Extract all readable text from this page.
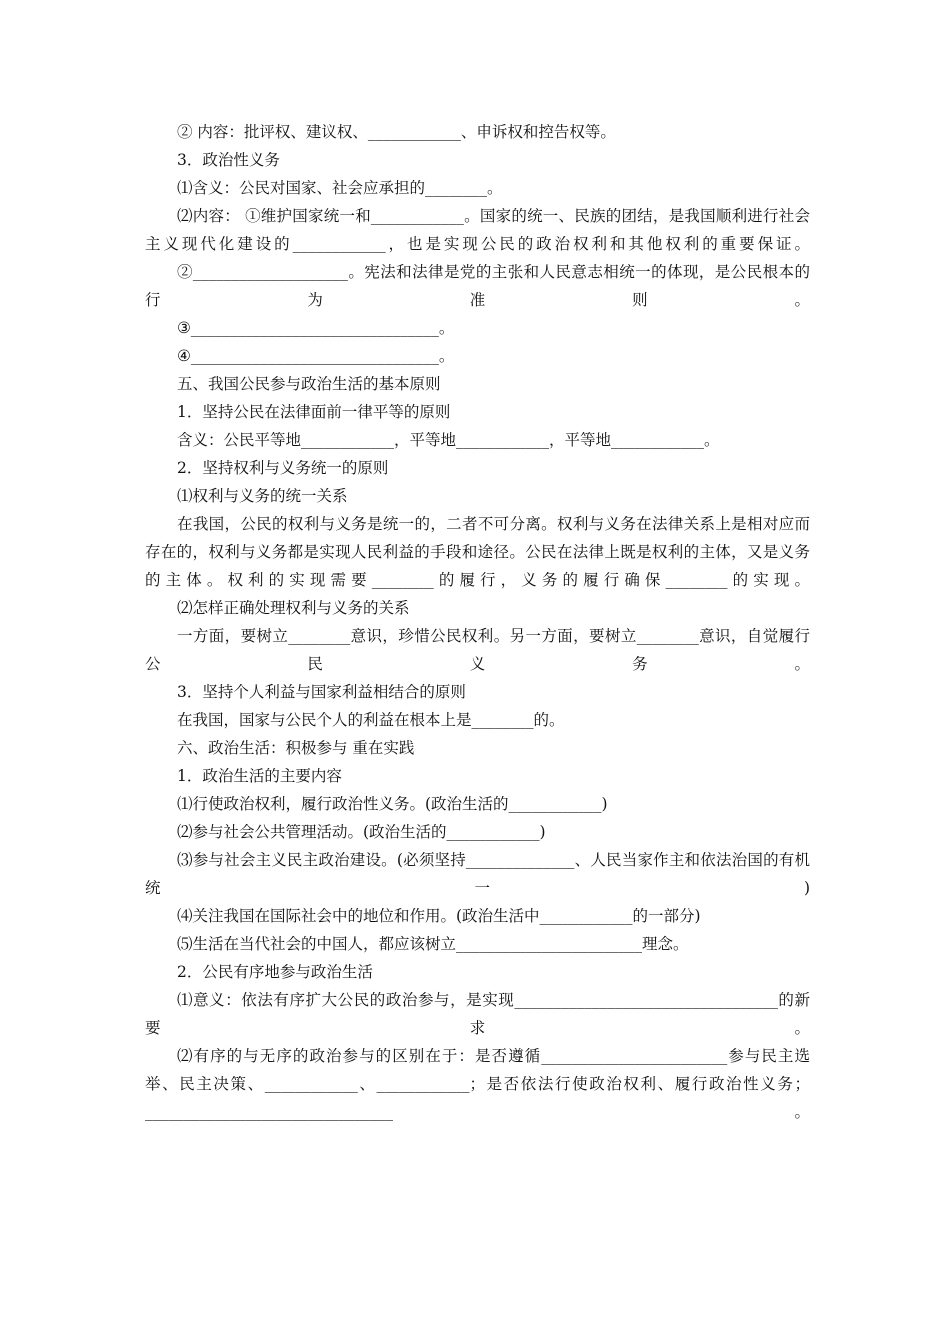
② 内容：批评权、建议权、____________、申诉权和控告权等。
3．政治性义务
⑴含义：公民对国家、社会应承担的________。
⑵内容： ①维护国家统一和____________。国家的统一、民族的团结，是我国顺利进行社会主义现代化建设的____________，也是实现公民的政治权利和其他权利的重要保证。
②____________________。宪法和法律是党的主张和人民意志相统一的体现，是公民根本的行为准则。
③________________________________。
④________________________________。
五、我国公民参与政治生活的基本原则
1．坚持公民在法律面前一律平等的原则
含义：公民平等地____________，平等地____________，平等地____________。
2．坚持权利与义务统一的原则
⑴权利与义务的统一关系
在我国，公民的权利与义务是统一的，二者不可分离。权利与义务在法律关系上是相对应而存在的，权利与义务都是实现人民利益的手段和途径。公民在法律上既是权利的主体，又是义务的主体。权利的实现需要________的履行，义务的履行确保________的实现。
⑵怎样正确处理权利与义务的关系
一方面，要树立________意识，珍惜公民权利。另一方面，要树立________意识，自觉履行公民义务。
3．坚持个人利益与国家利益相结合的原则
在我国，国家与公民个人的利益在根本上是________的。
六、政治生活：积极参与 重在实践
1．政治生活的主要内容
⑴行使政治权利，履行政治性义务。(政治生活的____________)
⑵参与社会公共管理活动。(政治生活的____________)
⑶参与社会主义民主政治建设。(必须坚持______________、人民当家作主和依法治国的有机统一)
⑷关注我国在国际社会中的地位和作用。(政治生活中____________的一部分)
⑸生活在当代社会的中国人，都应该树立________________________理念。
2．公民有序地参与政治生活
⑴意义：依法有序扩大公民的政治参与，是实现__________________________________的新要求。
⑵有序的与无序的政治参与的区别在于：是否遵循________________________参与民主选举、民主决策、____________、____________；是否依法行使政治权利、履行政治性义务；________________________________。
